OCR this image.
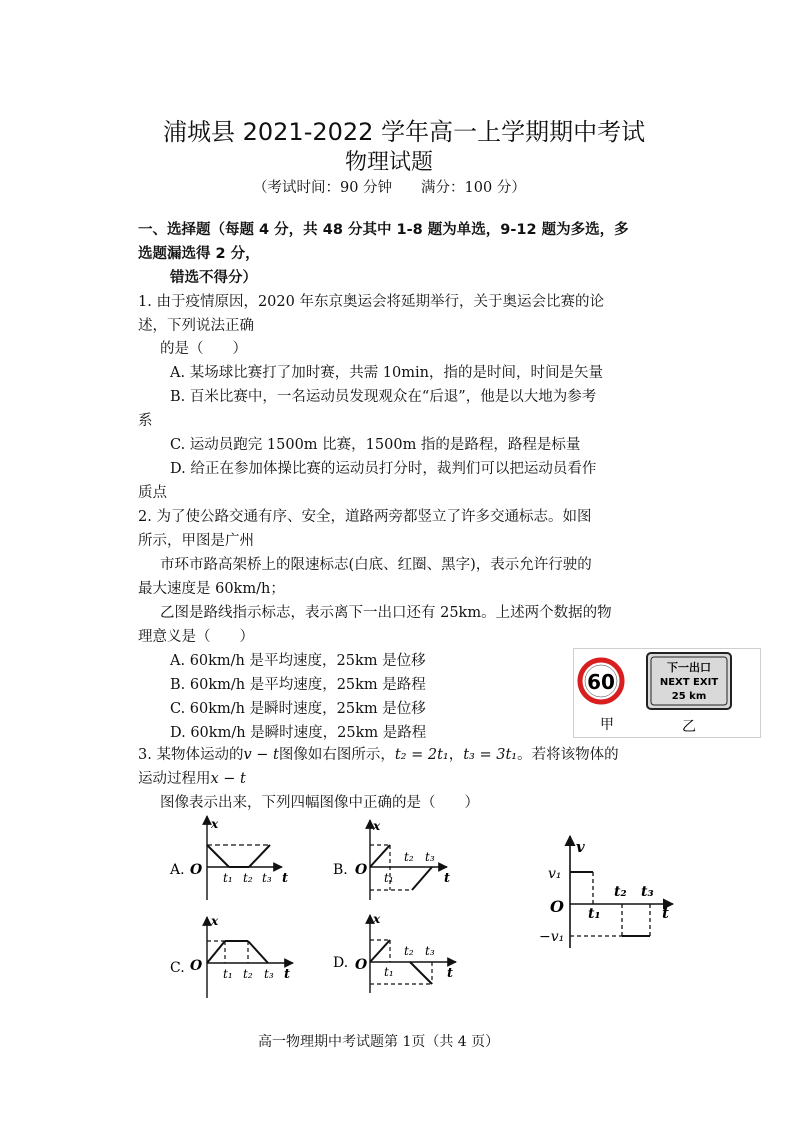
浦城县 2021-2022 学年高一上学期期中考试
物理试题
（考试时间：90 分钟　　满分：100 分）
一、选择题（每题 4 分，共 48 分其中 1-8 题为单选，9-12 题为多选，多
选题漏选得 2 分，
错选不得分）
1. 由于疫情原因，2020 年东京奥运会将延期举行，关于奥运会比赛的论
述，下列说法正确
的是（　　）
A. 某场球比赛打了加时赛，共需 10min，指的是时间，时间是矢量
B. 百米比赛中，一名运动员发现观众在“后退”，他是以大地为参考
系
C. 运动员跑完 1500m 比赛，1500m 指的是路程，路程是标量
D. 给正在参加体操比赛的运动员打分时，裁判们可以把运动员看作
质点
2. 为了使公路交通有序、安全，道路两旁都竖立了许多交通标志。如图
所示，甲图是广州
市环市路高架桥上的限速标志(白底、红圈、黑字)，表示允许行驶的
最大速度是 60km/h；
乙图是路线指示标志，表示离下一出口还有 25km。上述两个数据的物
理意义是（　　）
A. 60km/h 是平均速度，25km 是位移
B. 60km/h 是平均速度，25km 是路程
C. 60km/h 是瞬时速度，25km 是位移
D. 60km/h 是瞬时速度，25km 是路程
60
下一出口
NEXT EXIT
25 km
甲	乙
3. 某物体运动的v − t图像如右图所示，t₂ = 2t₁，t₃ = 3t₁。若将该物体的
运动过程用x − t
图像表示出来，下列四幅图像中正确的是（　　）
A. O
x
t
t₁ t₂ t₃	B. O
x
t
t₁
t₂ t₃
C. O
x
t
t₁ t₂ t₃
D. O
x
t
t₁
t₂ t₃
v
v₁
O
−v₁
t₁
t₂ t₃
t
高一物理期中考试题第 1页（共 4 页）
